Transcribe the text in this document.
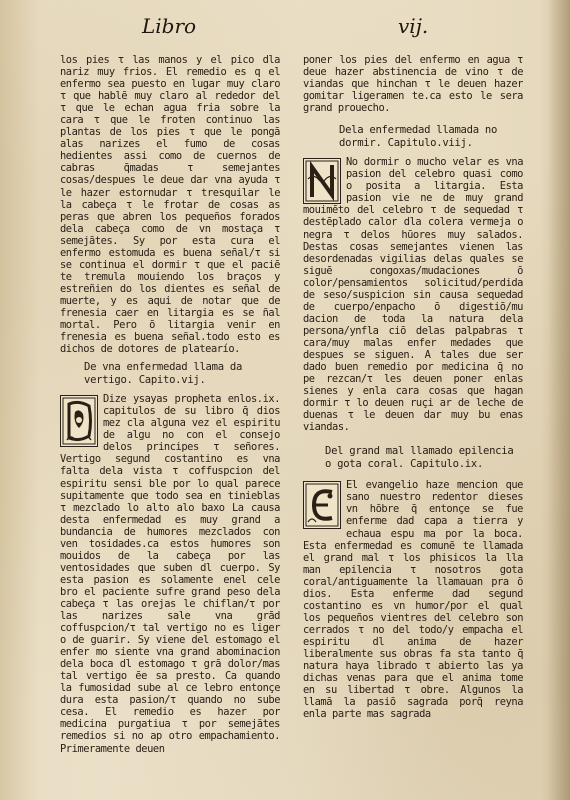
Libro	vij.

los pies τ las manos y el pico dla nariz muy frios. El remedio es q el enfermo sea puesto en lugar muy claro τ que hablē muy claro al rededor del τ que le echan agua fria sobre la cara τ que le froten continuo las plantas de los pies τ que le pongā alas narizes el fumo de cosas hedientes assi como de cuernos de cabras q̄madas τ semejantes cosas/despues le deue dar vna ayuda τ le hazer estornudar τ tresquilar le la cabeça τ le frotar de cosas as peras que abren los pequeños forados dela cabeça como de vn mostaça τ semejātes. Sy por esta cura el enfermo estomuda es buena señal/τ si se continua el dormir τ que el paciē te tremula mouiendo los braços y estreñien do los dientes es señal de muerte, y es aqui de notar que de frenesia caer en litargia es se ñal mortal. Pero ō litargia venir en frenesia es buena señal.todo esto es dichos de dotores de platearío.

De vna enfermedad llama da vertigo. Capito.vij.

Dize ysayas propheta enlos.ix. capitulos de su libro q̄ dios mez cla alguna vez el espiritu de algu no con el consejo delos principes τ señores. Vertigo segund costantino es vna falta dela vista τ coffuspcion del espiritu sensi ble por lo qual parece supitamente que todo sea en tinieblas τ mezclado lo alto alo baxo La causa desta enfermedad es muy grand a bundancia de humores mezclados con ven tosidades.ca estos humores son mouidos de la cabeça por las ventosidades que suben dl cuerpo. Sy esta pasion es solamente enel cele bro el paciente sufre grand peso dela cabeça τ las orejas le chiflan/τ por las narizes sale vna grād coffuspcion/τ tal vertigo no es liger o de guarir. Sy viene del estomago el enfer mo siente vna grand abominacion dela boca dl estomago τ grā dolor/mas tal vertigo ēe sa presto. Ca quando la fumosidad sube al ce lebro entonçe dura esta pasion/τ quando no sube cesa. El remedio es hazer por medicina purgatiua τ por semejātes remedios si no ap otro empachamiento. Primeramente deuen

poner los pies del enfermo en agua τ deue hazer abstinencia de vino τ de viandas que hinchan τ le deuen hazer gomitar ligeramen te.ca esto le sera grand prouecho.

Dela enfermedad llamada no dormir. Capitulo.viij.

No dormir o mucho velar es vna pasion del celebro quasi como o posita a litargia. Esta pasion vie ne de muy grand mouimēto del celebro τ de sequedad τ destēplado calor dla colera vermeja o negra τ delos hūores muy salados. Destas cosas semejantes vienen las desordenadas vigilias delas quales se siguē congoxas/mudaciones ō color/pensamientos solicitud/perdida de seso/suspicion sin causa sequedad de cuerpo/enpacho ō digestiō/mu dacion de toda la natura dela persona/ynfla ciō delas palpabras τ cara/muy malas enfer medades que despues se siguen. A tales due ser dado buen remedio por medicina q̄ no pe rezcan/τ les deuen poner enlas sienes y enla cara cosas que hagan dormir τ lo deuen ruçi ar de leche de duenas τ le deuen dar muy bu enas viandas.

Del grand mal llamado epilencia o gota coral. Capitulo.ix.

El evangelio haze mencion que sano nuestro redentor dieses vn hōbre q̄ entonçe se fue enferme dad capa a tierra y echaua espu ma por la boca. Esta enfermedad es comunē te llamada el grand mal τ los phisicos la lla man epilencia τ nosotros gota coral/antiguamente la llamauan pra ō dios. Esta enferme dad segund costantino es vn humor/por el qual los pequeños vientres del celebro son cerrados τ no del todo/y empacha el espiritu dl anima de hazer liberalmente sus obras fa sta tanto q̄ natura haya librado τ abierto las ya dichas venas para que el anima tome en su libertad τ obre. Algunos la llamā la pasiō sagrada porq̄ reyna enla parte mas sagrada
